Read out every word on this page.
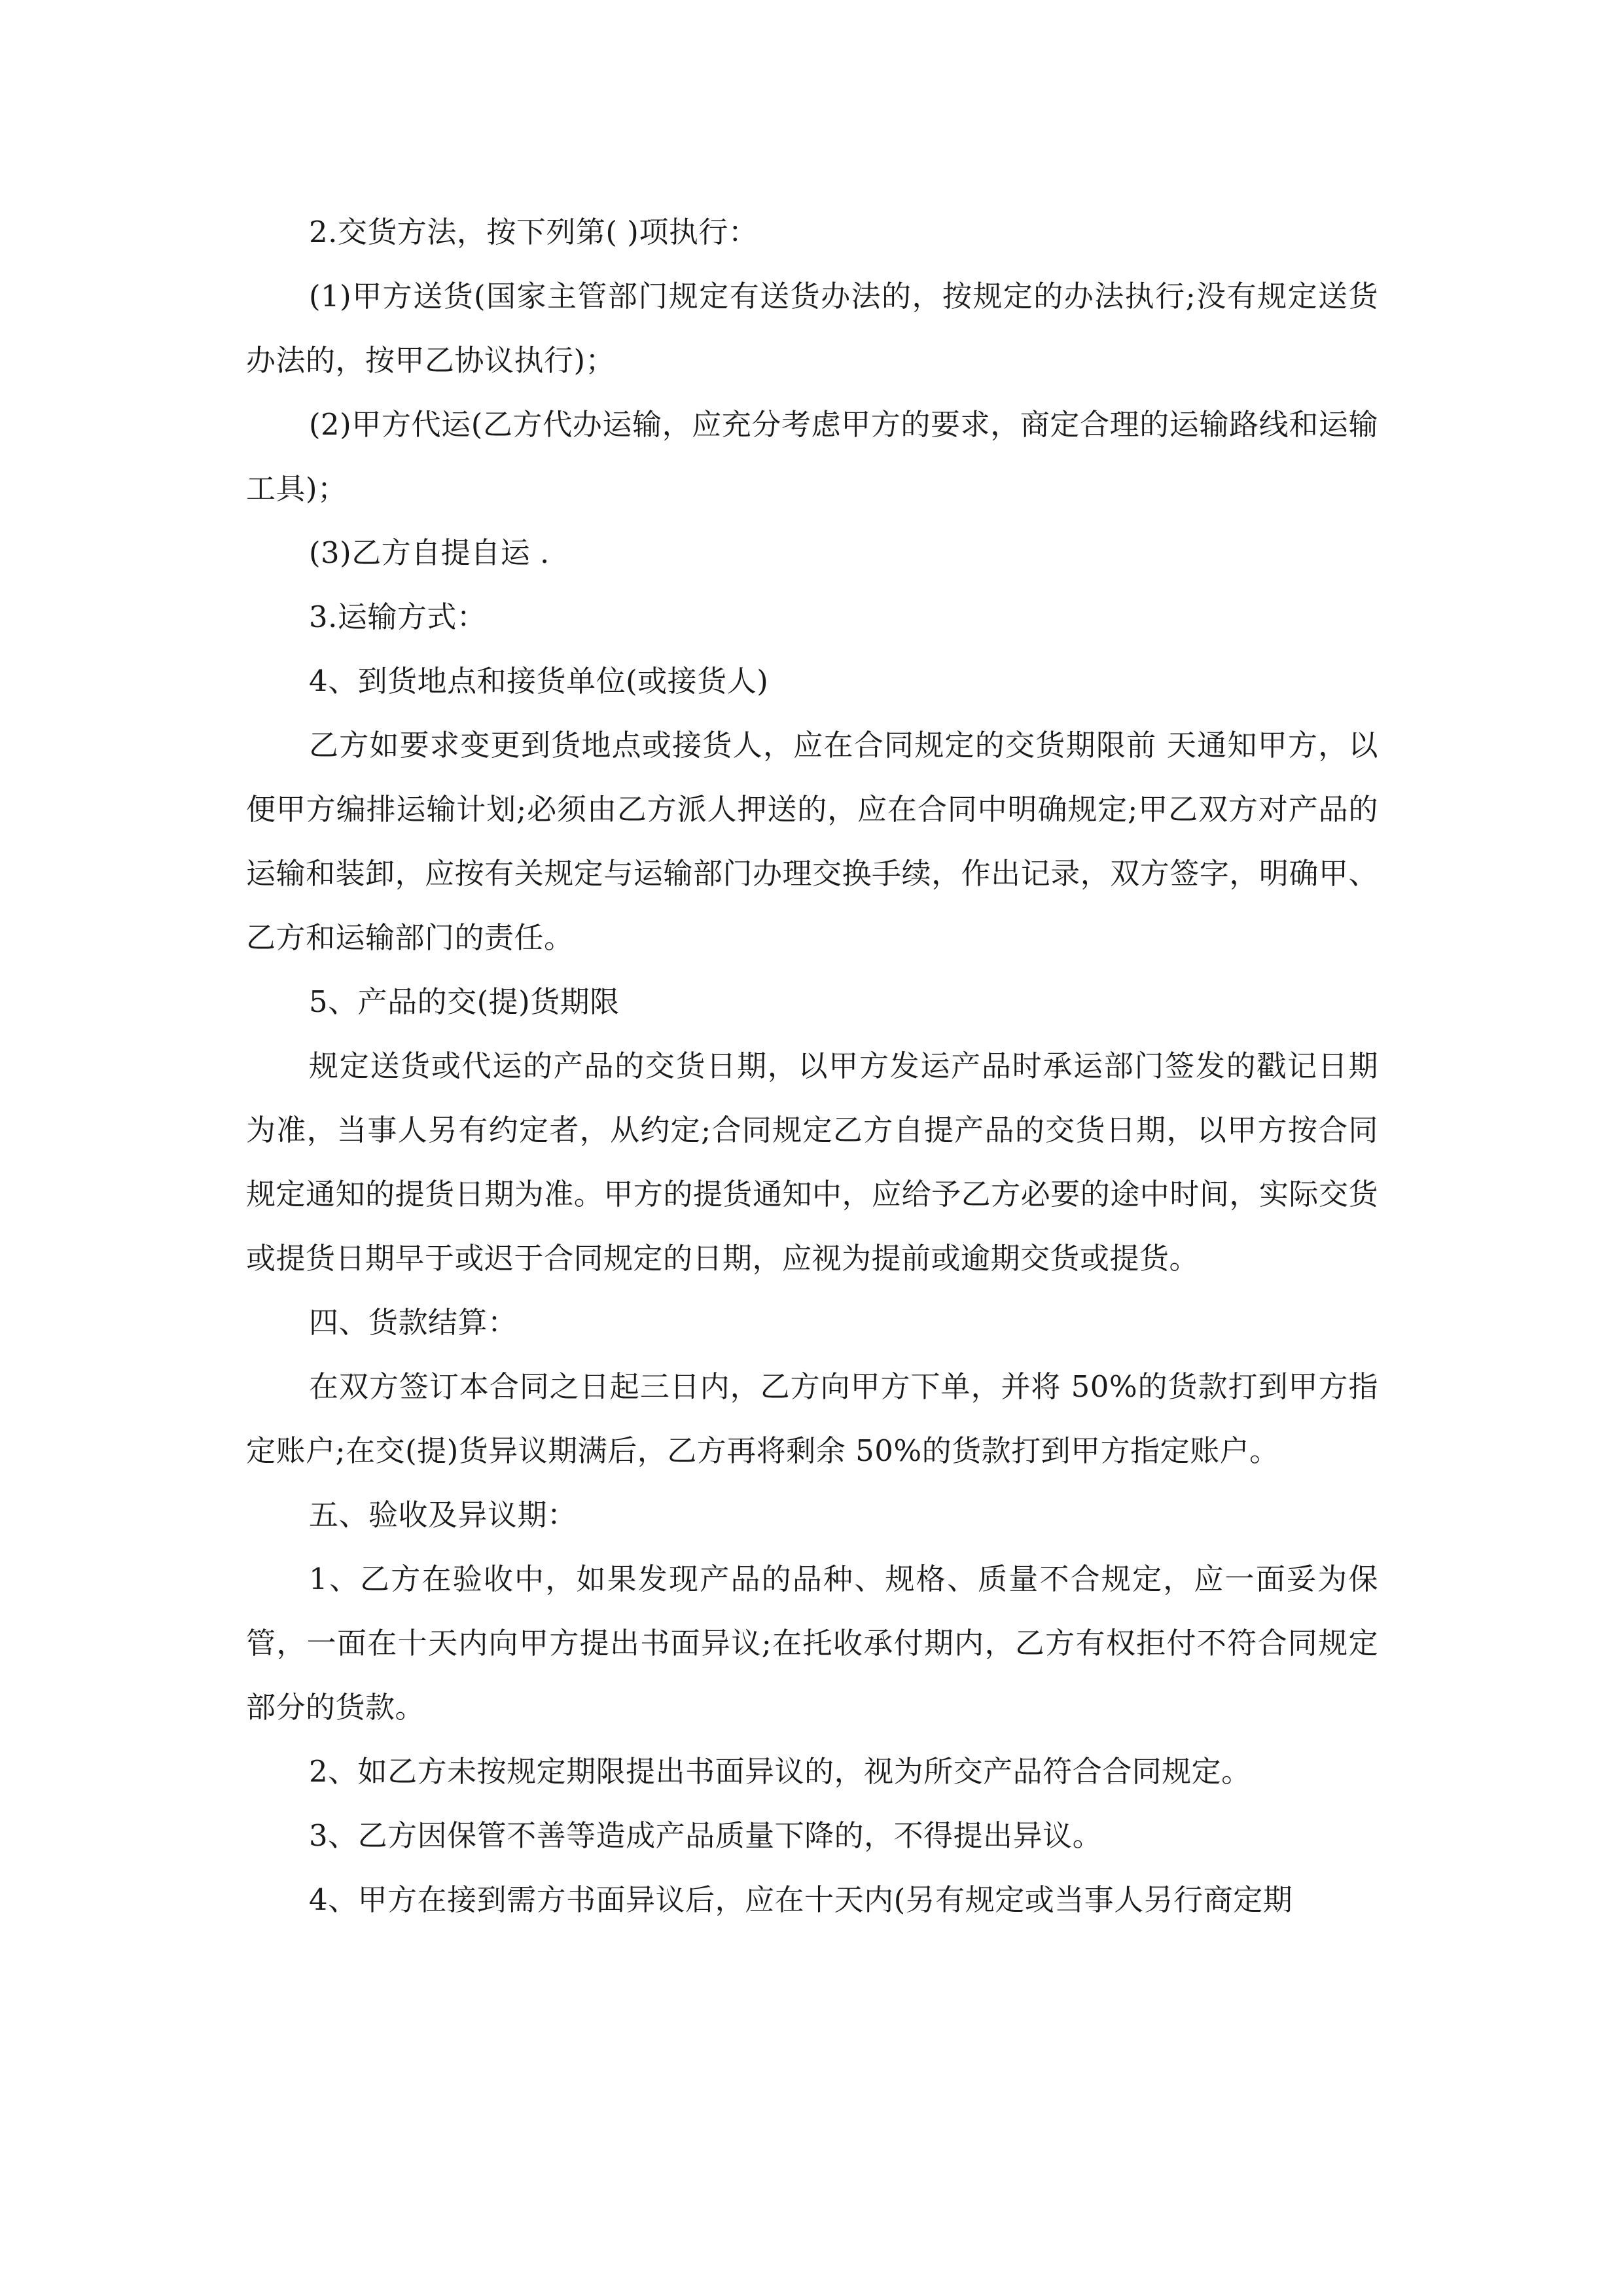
2.交货方法，按下列第( )项执行：

(1)甲方送货(国家主管部门规定有送货办法的，按规定的办法执行;没有规定送货办法的，按甲乙协议执行)；

(2)甲方代运(乙方代办运输，应充分考虑甲方的要求，商定合理的运输路线和运输工具)；

(3)乙方自提自运 .

3.运输方式：

4、到货地点和接货单位(或接货人)

乙方如要求变更到货地点或接货人，应在合同规定的交货期限前 天通知甲方，以便甲方编排运输计划;必须由乙方派人押送的，应在合同中明确规定;甲乙双方对产品的运输和装卸，应按有关规定与运输部门办理交换手续，作出记录，双方签字，明确甲、乙方和运输部门的责任。

5、产品的交(提)货期限

规定送货或代运的产品的交货日期，以甲方发运产品时承运部门签发的戳记日期为准，当事人另有约定者，从约定;合同规定乙方自提产品的交货日期，以甲方按合同规定通知的提货日期为准。甲方的提货通知中，应给予乙方必要的途中时间，实际交货或提货日期早于或迟于合同规定的日期，应视为提前或逾期交货或提货。

四、货款结算：

在双方签订本合同之日起三日内，乙方向甲方下单，并将 50%的货款打到甲方指定账户;在交(提)货异议期满后，乙方再将剩余 50%的货款打到甲方指定账户。

五、验收及异议期：

1、乙方在验收中，如果发现产品的品种、规格、质量不合规定，应一面妥为保管，一面在十天内向甲方提出书面异议;在托收承付期内，乙方有权拒付不符合同规定部分的货款。

2、如乙方未按规定期限提出书面异议的，视为所交产品符合合同规定。

3、乙方因保管不善等造成产品质量下降的，不得提出异议。

4、甲方在接到需方书面异议后，应在十天内(另有规定或当事人另行商定期
